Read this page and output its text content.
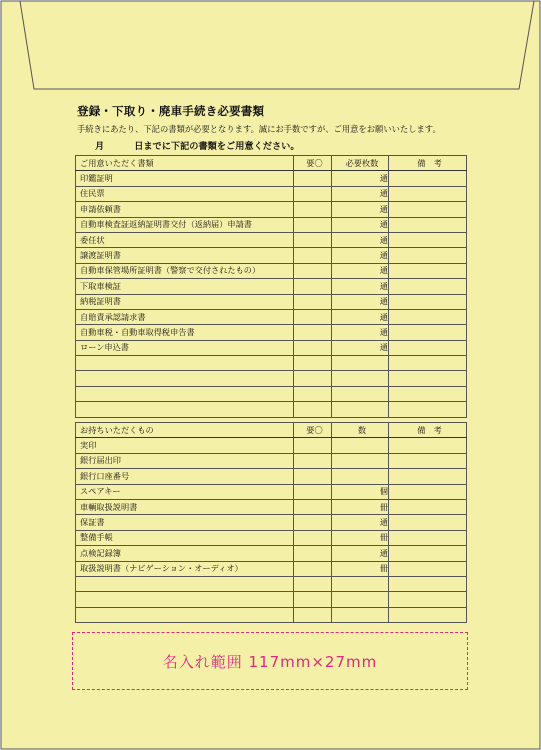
登録・下取り・廃車手続き必要書類
手続きにあたり、下記の書類が必要となります。誠にお手数ですが、ご用意をお願いいたします。
月	日までに下記の書類をご用意ください。
ご用意いただく書類	要〇	必要枚数	備　考
印鑑証明		通	
住民票		通	
申請依頼書		通	
自動車検査証返納証明書交付（返納届）申請書		通	
委任状		通	
譲渡証明書		通	
自動車保管場所証明書（警察で交付されたもの）		通	
下取車検証		通	
納税証明書		通	
自賠責承認請求書		通	
自動車税・自動車取得税申告書		通	
ローン申込書		通	

お持ちいただくもの	要〇	数	備　考
実印			
銀行届出印			
銀行口座番号			
スペアキー		個	
車輌取扱説明書		冊	
保証書		通	
整備手帳		冊	
点検記録簿		通	
取扱説明書（ナビゲーション・オーディオ）		冊	

名入れ範囲 117mm×27mm
